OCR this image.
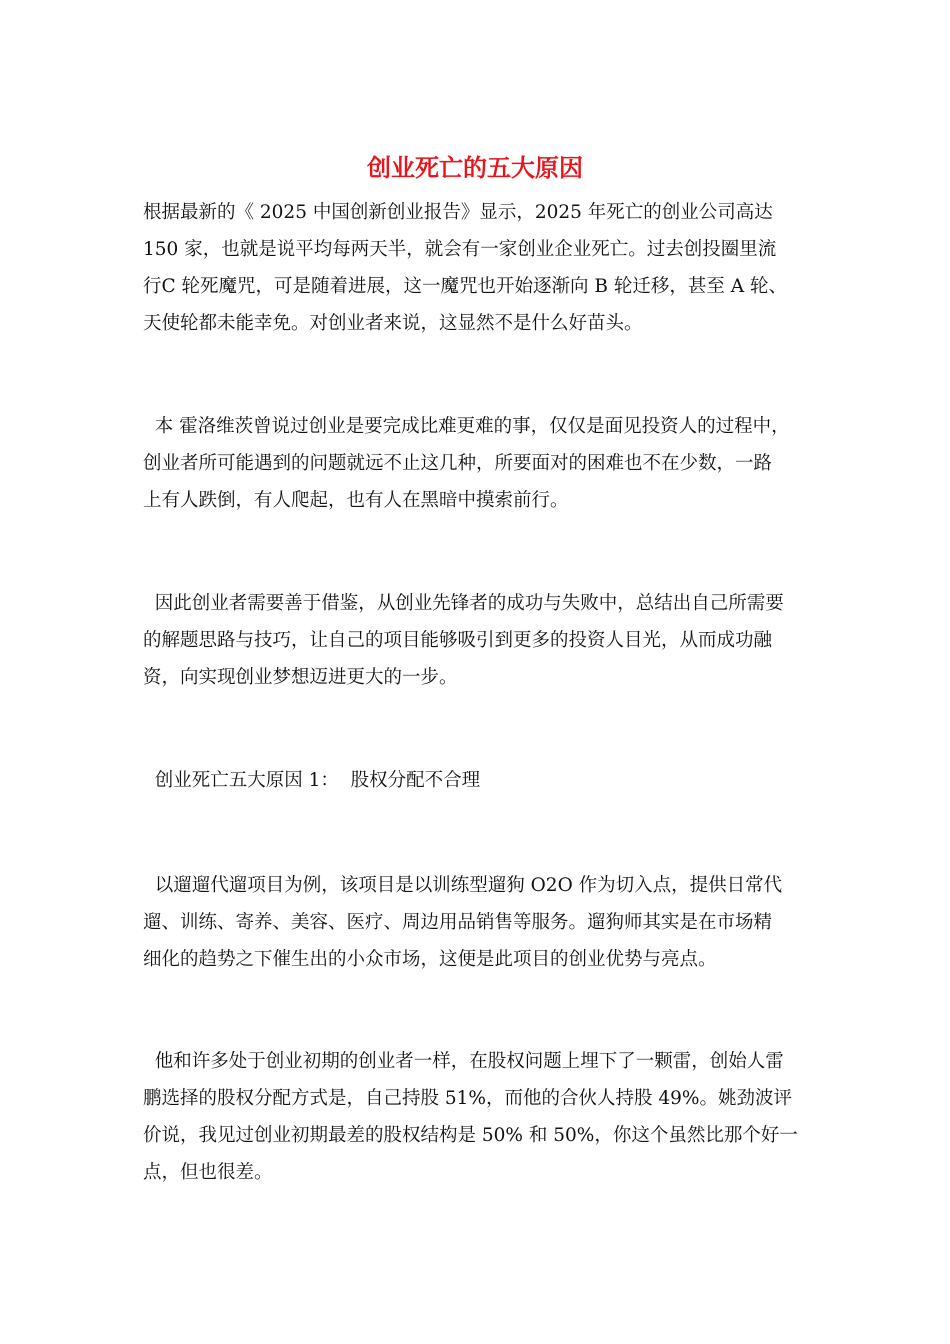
创业死亡的五大原因

根据最新的《 2025 中国创新创业报告》显示，2025 年死亡的创业公司高达
150 家，也就是说平均每两天半，就会有一家创业企业死亡。过去创投圈里流
行C 轮死魔咒，可是随着进展，这一魔咒也开始逐渐向 B 轮迁移，甚至 A 轮、
天使轮都未能幸免。对创业者来说，这显然不是什么好苗头。

本 霍洛维茨曾说过创业是要完成比难更难的事，仅仅是面见投资人的过程中，
创业者所可能遇到的问题就远不止这几种，所要面对的困难也不在少数，一路
上有人跌倒，有人爬起，也有人在黑暗中摸索前行。

因此创业者需要善于借鉴，从创业先锋者的成功与失败中，总结出自己所需要
的解题思路与技巧，让自己的项目能够吸引到更多的投资人目光，从而成功融
资，向实现创业梦想迈进更大的一步。

创业死亡五大原因 1：  股权分配不合理

以遛遛代遛项目为例，该项目是以训练型遛狗 O2O 作为切入点，提供日常代
遛、训练、寄养、美容、医疗、周边用品销售等服务。遛狗师其实是在市场精
细化的趋势之下催生出的小众市场，这便是此项目的创业优势与亮点。

他和许多处于创业初期的创业者一样，在股权问题上埋下了一颗雷，创始人雷
鹏选择的股权分配方式是，自己持股 51%，而他的合伙人持股 49%。姚劲波评
价说，我见过创业初期最差的股权结构是 50% 和 50%，你这个虽然比那个好一
点，但也很差。
